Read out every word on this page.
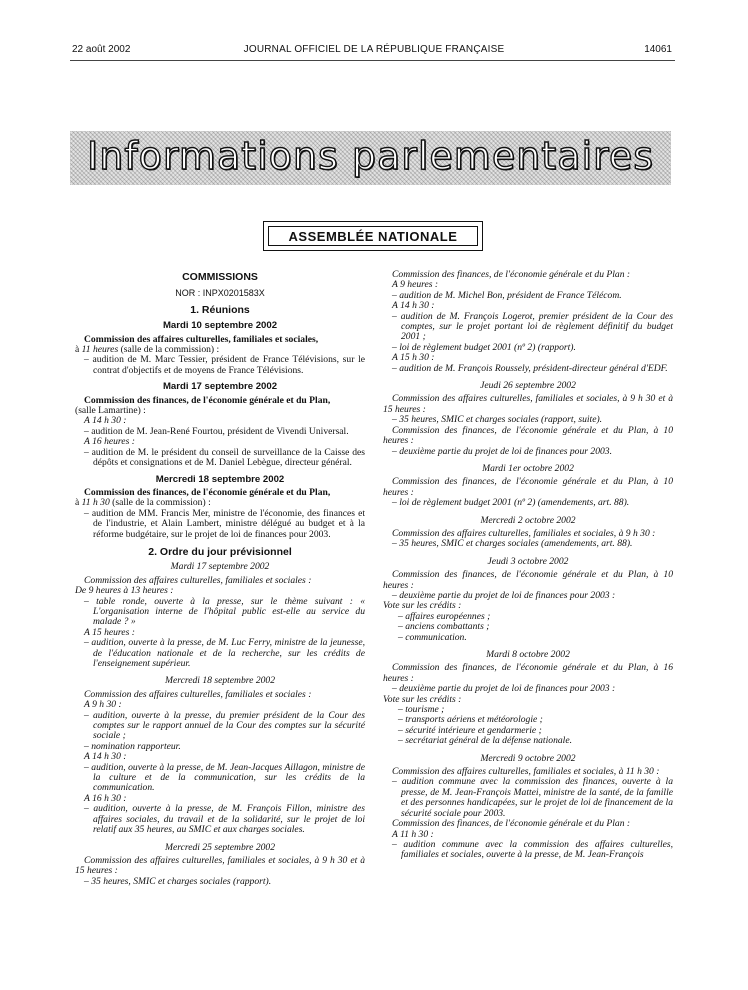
22 août 2002	JOURNAL OFFICIEL DE LA RÉPUBLIQUE FRANÇAISE	14061
Informations parlementaires
ASSEMBLÉE NATIONALE

COMMISSIONS

NOR : INPX0201583X

1. Réunions

Mardi 10 septembre 2002

Commission des affaires culturelles, familiales et sociales,

à 11 heures (salle de la commission) :

– audition de M. Marc Tessier, président de France Télévisions, sur le contrat d'objectifs et de moyens de France Télévisions.

Mardi 17 septembre 2002

Commission des finances, de l'économie générale et du Plan,

(salle Lamartine) :

A 14 h 30 :

– audition de M. Jean-René Fourtou, président de Vivendi Universal.

A 16 heures :

– audition de M. le président du conseil de surveillance de la Caisse des dépôts et consignations et de M. Daniel Lebègue, directeur général.

Mercredi 18 septembre 2002

Commission des finances, de l'économie générale et du Plan,

à 11 h 30 (salle de la commission) :

– audition de MM. Francis Mer, ministre de l'économie, des finances et de l'industrie, et Alain Lambert, ministre délégué au budget et à la réforme budgétaire, sur le projet de loi de finances pour 2003.

2. Ordre du jour prévisionnel

Mardi 17 septembre 2002

Commission des affaires culturelles, familiales et sociales :

De 9 heures à 13 heures :

– table ronde, ouverte à la presse, sur le thème suivant : « L'organisation interne de l'hôpital public est-elle au service du malade ? »

A 15 heures :

– audition, ouverte à la presse, de M. Luc Ferry, ministre de la jeunesse, de l'éducation nationale et de la recherche, sur les crédits de l'enseignement supérieur.

Mercredi 18 septembre 2002

Commission des affaires culturelles, familiales et sociales :

A 9 h 30 :

– audition, ouverte à la presse, du premier président de la Cour des comptes sur le rapport annuel de la Cour des comptes sur la sécurité sociale ;

– nomination rapporteur.

A 14 h 30 :

– audition, ouverte à la presse, de M. Jean-Jacques Aillagon, ministre de la culture et de la communication, sur les crédits de la communication.

A 16 h 30 :

– audition, ouverte à la presse, de M. François Fillon, ministre des affaires sociales, du travail et de la solidarité, sur le projet de loi relatif aux 35 heures, au SMIC et aux charges sociales.

Mercredi 25 septembre 2002

Commission des affaires culturelles, familiales et sociales, à 9 h 30 et à 15 heures :

– 35 heures, SMIC et charges sociales (rapport).

Commission des finances, de l'économie générale et du Plan :

A 9 heures :

– audition de M. Michel Bon, président de France Télécom.

A 14 h 30 :

– audition de M. François Logerot, premier président de la Cour des comptes, sur le projet portant loi de règlement définitif du budget 2001 ;

– loi de règlement budget 2001 (nº 2) (rapport).

A 15 h 30 :

– audition de M. François Roussely, président-directeur général d'EDF.

Jeudi 26 septembre 2002

Commission des affaires culturelles, familiales et sociales, à 9 h 30 et à 15 heures :

– 35 heures, SMIC et charges sociales (rapport, suite).

Commission des finances, de l'économie générale et du Plan, à 10 heures :

– deuxième partie du projet de loi de finances pour 2003.

Mardi 1er octobre 2002

Commission des finances, de l'économie générale et du Plan, à 10 heures :

– loi de règlement budget 2001 (nº 2) (amendements, art. 88).

Mercredi 2 octobre 2002

Commission des affaires culturelles, familiales et sociales, à 9 h 30 :

– 35 heures, SMIC et charges sociales (amendements, art. 88).

Jeudi 3 octobre 2002

Commission des finances, de l'économie générale et du Plan, à 10 heures :

– deuxième partie du projet de loi de finances pour 2003 :

Vote sur les crédits :

– affaires européennes ;

– anciens combattants ;

– communication.

Mardi 8 octobre 2002

Commission des finances, de l'économie générale et du Plan, à 16 heures :

– deuxième partie du projet de loi de finances pour 2003 :

Vote sur les crédits :

– tourisme ;

– transports aériens et météorologie ;

– sécurité intérieure et gendarmerie ;

– secrétariat général de la défense nationale.

Mercredi 9 octobre 2002

Commission des affaires culturelles, familiales et sociales, à 11 h 30 :

– audition commune avec la commission des finances, ouverte à la presse, de M. Jean-François Mattei, ministre de la santé, de la famille et des personnes handicapées, sur le projet de loi de financement de la sécurité sociale pour 2003.

Commission des finances, de l'économie générale et du Plan :

A 11 h 30 :

– audition commune avec la commission des affaires culturelles, familiales et sociales, ouverte à la presse, de M. Jean-François
